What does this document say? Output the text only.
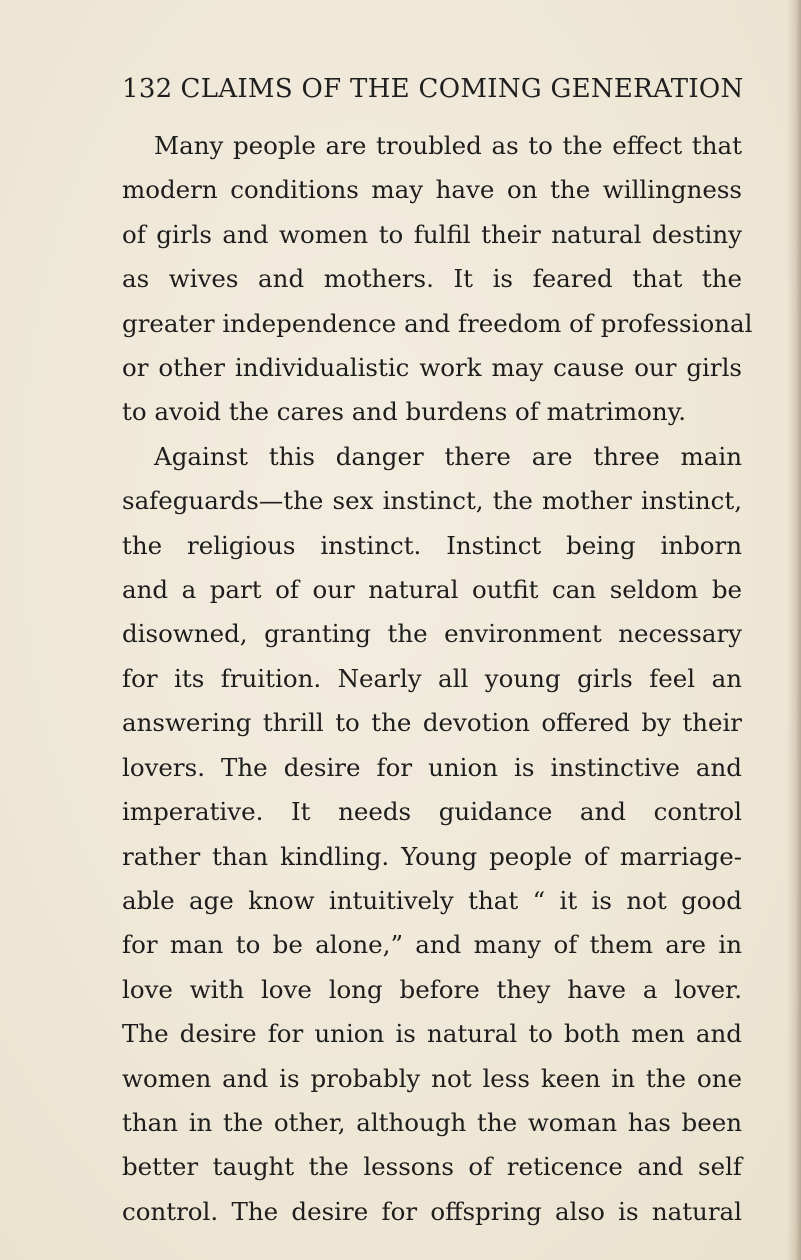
132 CLAIMS OF THE COMING GENERATION
Many people are troubled as to the effect that
modern conditions may have on the willingness
of girls and women to fulfil their natural destiny
as wives and mothers. It is feared that the
greater independence and freedom of professional
or other individualistic work may cause our girls
to avoid the cares and burdens of matrimony.
Against this danger there are three main
safeguards—the sex instinct, the mother instinct,
the religious instinct. Instinct being inborn
and a part of our natural outfit can seldom be
disowned, granting the environment necessary
for its fruition. Nearly all young girls feel an
answering thrill to the devotion offered by their
lovers. The desire for union is instinctive and
imperative. It needs guidance and control
rather than kindling. Young people of marriage-
able age know intuitively that “ it is not good
for man to be alone,” and many of them are in
love with love long before they have a lover.
The desire for union is natural to both men and
women and is probably not less keen in the one
than in the other, although the woman has been
better taught the lessons of reticence and self
control. The desire for offspring also is natural
